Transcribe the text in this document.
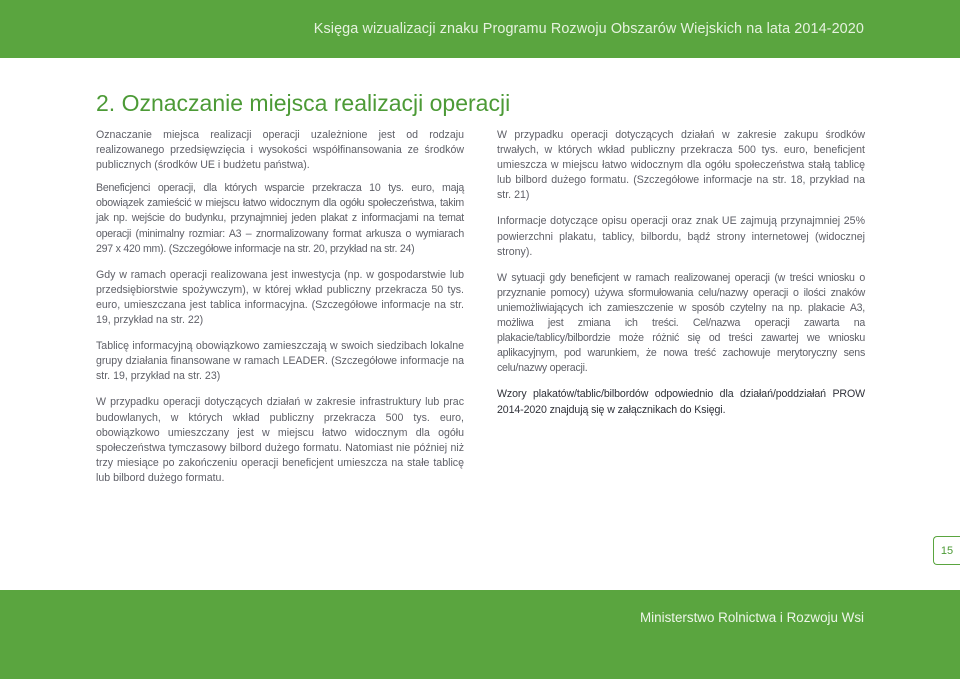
Księga wizualizacji znaku Programu Rozwoju Obszarów Wiejskich na lata 2014-2020
2. Oznaczanie miejsca realizacji operacji

Oznaczanie miejsca realizacji operacji uzależnione jest od rodzaju realizowanego przedsięwzięcia i wysokości współfinansowania ze środków publicznych (środków UE i budżetu państwa).

Beneficjenci operacji, dla których wsparcie przekracza 10 tys. euro, mają obowiązek zamieścić w miejscu łatwo widocznym dla ogółu społeczeństwa, takim jak np. wejście do budynku, przynajmniej jeden plakat z informacjami na temat operacji (minimalny rozmiar: A3 – znormalizowany format arkusza o wymiarach 297 x 420 mm). (Szczegółowe informacje na str. 20, przykład na str. 24)

Gdy w ramach operacji realizowana jest inwestycja (np. w gospodarstwie lub przedsiębiorstwie spożywczym), w której wkład publiczny przekracza 50 tys. euro, umieszczana jest tablica informacyjna. (Szczegółowe informacje na str. 19, przykład na str. 22)

Tablicę informacyjną obowiązkowo zamieszczają w swoich siedzibach lokalne grupy działania finansowane w ramach LEADER. (Szczegółowe informacje na str. 19, przykład na str. 23)

W przypadku operacji dotyczących działań w zakresie infrastruktury lub prac budowlanych, w których wkład publiczny przekracza 500 tys. euro, obowiązkowo umieszczany jest w miejscu łatwo widocznym dla ogółu społeczeństwa tymczasowy bilbord dużego formatu. Natomiast nie później niż trzy miesiące po zakończeniu operacji beneficjent umieszcza na stałe tablicę lub bilbord dużego formatu.

W przypadku operacji dotyczących działań w zakresie zakupu środków trwałych, w których wkład publiczny przekracza 500 tys. euro, beneficjent umieszcza w miejscu łatwo widocznym dla ogółu społeczeństwa stałą tablicę lub bilbord dużego formatu. (Szczegółowe informacje na str. 18, przykład na str. 21)

Informacje dotyczące opisu operacji oraz znak UE zajmują przynajmniej 25% powierzchni plakatu, tablicy, bilbordu, bądź strony internetowej (widocznej strony).

W sytuacji gdy beneficjent w ramach realizowanej operacji (w treści wniosku o przyznanie pomocy) używa sformułowania celu/nazwy operacji o ilości znaków uniemożliwiających ich zamieszczenie w sposób czytelny na np. plakacie A3, możliwa jest zmiana ich treści. Cel/nazwa operacji zawarta na plakacie/tablicy/bilbordzie może różnić się od treści zawartej we wniosku aplikacyjnym, pod warunkiem, że nowa treść zachowuje merytoryczny sens celu/nazwy operacji.

Wzory plakatów/tablic/bilbordów odpowiednio dla działań/poddziałań PROW 2014-2020 znajdują się w załącznikach do Księgi.

15
Ministerstwo Rolnictwa i Rozwoju Wsi
